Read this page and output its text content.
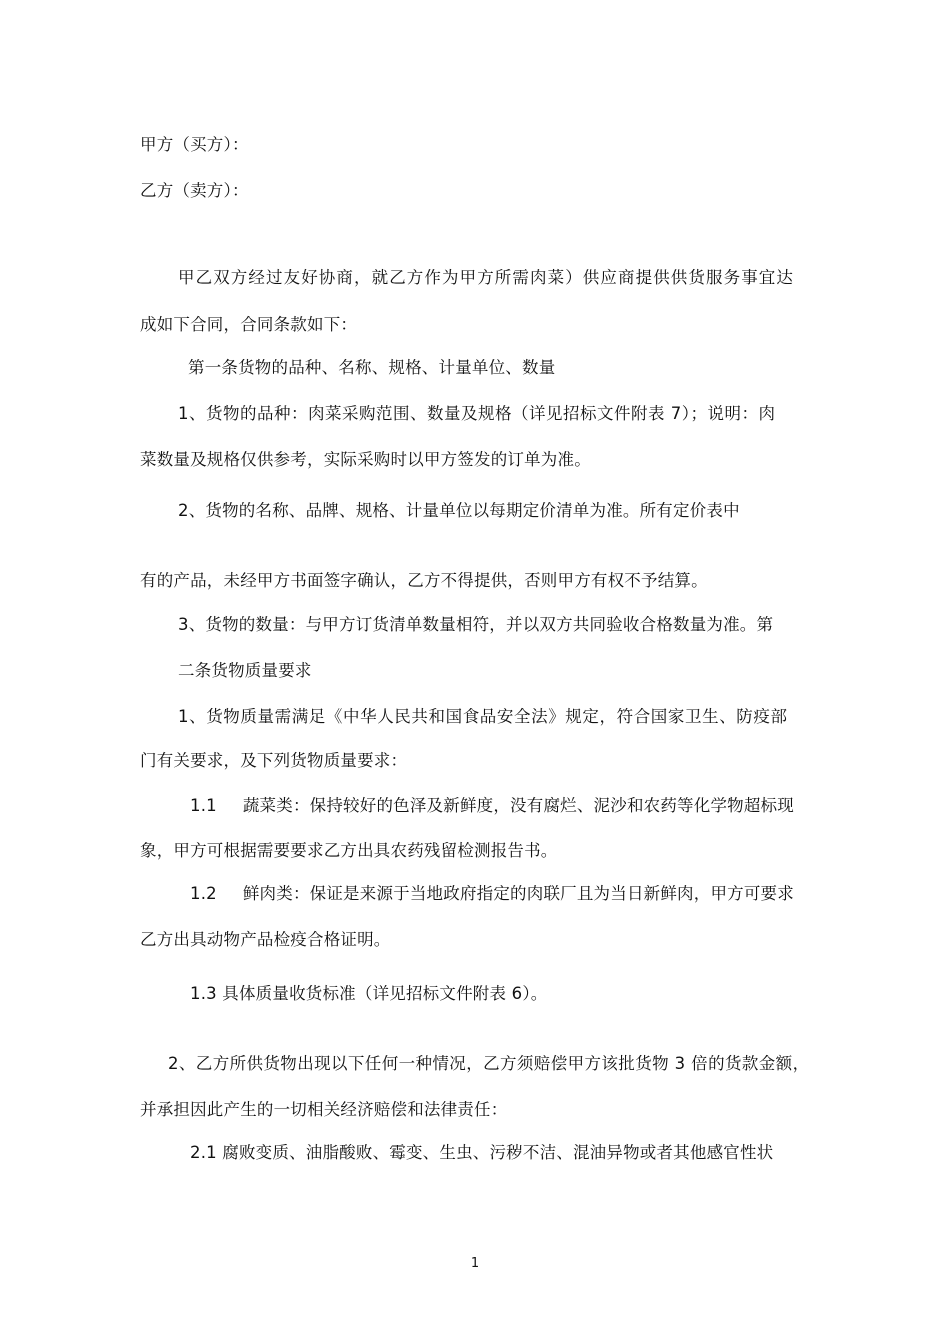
甲方（买方）：
乙方（卖方）：
甲乙双方经过友好协商，就乙方作为甲方所需肉菜）供应商提供供货服务事宜达
成如下合同，合同条款如下：
第一条货物的品种、名称、规格、计量单位、数量
1、货物的品种：肉菜采购范围、数量及规格（详见招标文件附表 7）；说明：肉
菜数量及规格仅供参考，实际采购时以甲方签发的订单为准。
2、货物的名称、品牌、规格、计量单位以每期定价清单为准。所有定价表中
有的产品，未经甲方书面签字确认，乙方不得提供，否则甲方有权不予结算。
3、货物的数量：与甲方订货清单数量相符，并以双方共同验收合格数量为准。第
二条货物质量要求
1、货物质量需满足《中华人民共和国食品安全法》规定，符合国家卫生、防疫部
门有关要求，及下列货物质量要求：
1.1 蔬菜类：保持较好的色泽及新鲜度，没有腐烂、泥沙和农药等化学物超标现
象，甲方可根据需要要求乙方出具农药残留检测报告书。
1.2 鲜肉类：保证是来源于当地政府指定的肉联厂且为当日新鲜肉，甲方可要求
乙方出具动物产品检疫合格证明。
1.3 具体质量收货标准（详见招标文件附表 6）。
2、乙方所供货物出现以下任何一种情况，乙方须赔偿甲方该批货物 3 倍的货款金额，
并承担因此产生的一切相关经济赔偿和法律责任：
2.1 腐败变质、油脂酸败、霉变、生虫、污秽不洁、混油异物或者其他感官性状
1
